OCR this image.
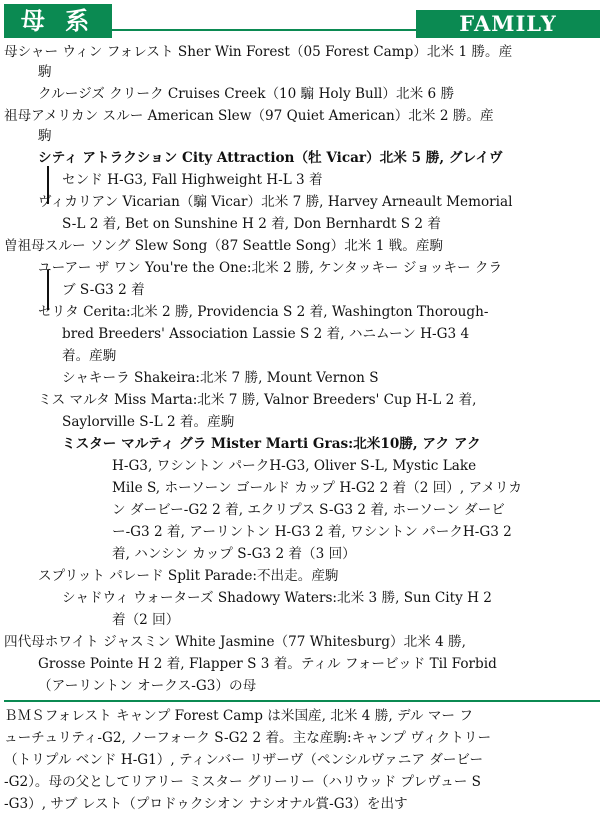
母 系	FAMILY
母シャー ウィン フォレスト Sher Win Forest（05 Forest Camp）北米 1 勝。産
駒
クルージズ クリーク Cruises Creek（10 騸 Holy Bull）北米 6 勝
祖母アメリカン スルー American Slew（97 Quiet American）北米 2 勝。産
駒
シティ アトラクション City Attraction（牡 Vicar）北米 5 勝, グレイヴ
センド H-G3, Fall Highweight H-L 3 着
ヴィカリアン Vicarian（騸 Vicar）北米 7 勝, Harvey Arneault Memorial
S-L 2 着, Bet on Sunshine H 2 着, Don Bernhardt S 2 着
曽祖母スルー ソング Slew Song（87 Seattle Song）北米 1 戦。産駒
ユーアー ザ ワン You're the One:北米 2 勝, ケンタッキー ジョッキー クラ
ブ S-G3 2 着
セリタ Cerita:北米 2 勝, Providencia S 2 着, Washington Thorough-
bred Breeders' Association Lassie S 2 着, ハニムーン H-G3 4
着。産駒
シャキーラ Shakeira:北米 7 勝, Mount Vernon S
ミス マルタ Miss Marta:北米 7 勝, Valnor Breeders' Cup H-L 2 着,
Saylorville S-L 2 着。産駒
ミスター マルティ グラ Mister Marti Gras:北米10勝, アク アク
H-G3, ワシントン パークH-G3, Oliver S-L, Mystic Lake
Mile S, ホーソーン ゴールド カップ H-G2 2 着（2 回）, アメリカ
ン ダービー-G2 2 着, エクリプス S-G3 2 着, ホーソーン ダービ
ー-G3 2 着, アーリントン H-G3 2 着, ワシントン パークH-G3 2
着, ハンシン カップ S-G3 2 着（3 回）
スプリット パレード Split Parade:不出走。産駒
シャドウィ ウォーターズ Shadowy Waters:北米 3 勝, Sun City H 2
着（2 回）
四代母ホワイト ジャスミン White Jasmine（77 Whitesburg）北米 4 勝,
Grosse Pointe H 2 着, Flapper S 3 着。ティル フォービッド Til Forbid
（アーリントン オークス-G3）の母
ＢＭＳフォレスト キャンプ Forest Camp は米国産, 北米 4 勝, デル マー フ
ューチュリティ-G2, ノーフォーク S-G2 2 着。主な産駒:キャンプ ヴィクトリー
（トリプル ベンド H-G1）, ティンバー リザーヴ（ペンシルヴァニア ダービー
-G2）。母の父としてリアリー ミスター グリーリー（ハリウッド プレヴュー S
-G3）, サブ レスト（プロドゥクシオン ナシオナル賞-G3）を出す
